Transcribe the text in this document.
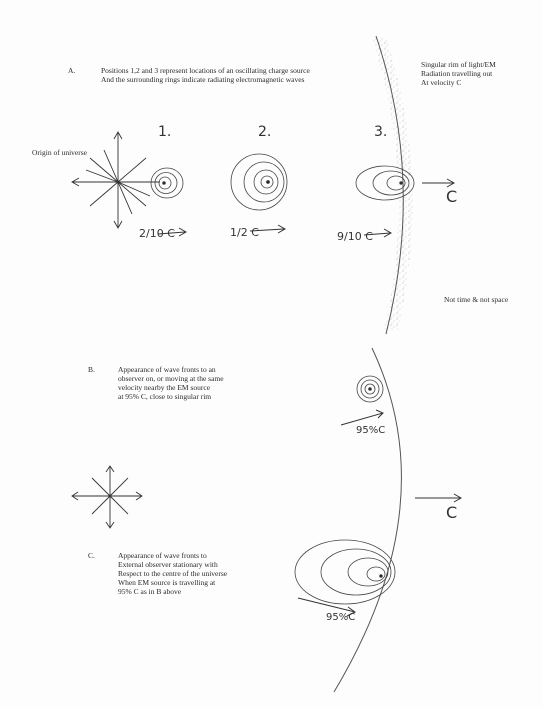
A.	Positions 1,2 and 3 represent locations of an oscillating charge source
And the surrounding rings indicate radiating electromagnetic waves
Singular rim of light/EM
Radiation travelling out
At velocity C
Origin of universe
1.	2.	3.
2/10 C	1/2 C	9/10 C
C
Not time & not space
B.	Appearance of wave fronts to an
observer on, or moving at the same
velocity nearby the EM source
at 95% C, close to singular rim
95%C
C
C.	Appearance of wave fronts to
External observer stationary with
Respect to the centre of the universe
When EM source is travelling at
95% C as in B above
95%C
